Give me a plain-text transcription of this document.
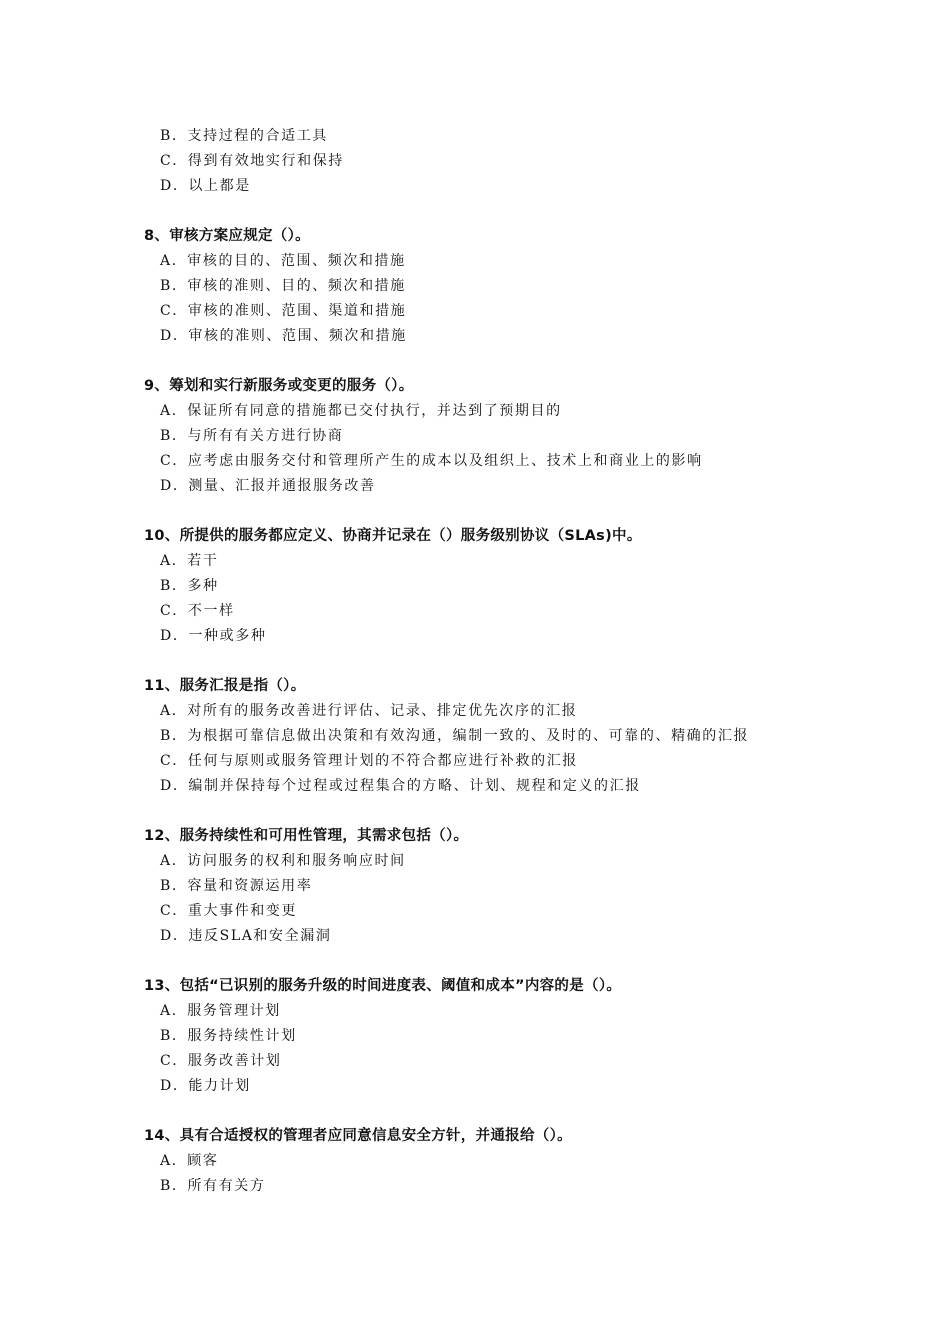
B．支持过程的合适工具
C．得到有效地实行和保持
D．以上都是
8、审核方案应规定（）。
A．审核的目的、范围、频次和措施
B．审核的准则、目的、频次和措施
C．审核的准则、范围、渠道和措施
D．审核的准则、范围、频次和措施
9、筹划和实行新服务或变更的服务（）。
A．保证所有同意的措施都已交付执行，并达到了预期目的
B．与所有有关方进行协商
C．应考虑由服务交付和管理所产生的成本以及组织上、技术上和商业上的影响
D．测量、汇报并通报服务改善
10、所提供的服务都应定义、协商并记录在（）服务级别协议（SLAs)中。
A．若干
B．多种
C．不一样
D．一种或多种
11、服务汇报是指（）。
A．对所有的服务改善进行评估、记录、排定优先次序的汇报
B．为根据可靠信息做出决策和有效沟通，编制一致的、及时的、可靠的、精确的汇报
C．任何与原则或服务管理计划的不符合都应进行补救的汇报
D．编制并保持每个过程或过程集合的方略、计划、规程和定义的汇报
12、服务持续性和可用性管理，其需求包括（）。
A．访问服务的权利和服务响应时间
B．容量和资源运用率
C．重大事件和变更
D．违反SLA和安全漏洞
13、包括“已识别的服务升级的时间进度表、阈值和成本”内容的是（）。
A．服务管理计划
B．服务持续性计划
C．服务改善计划
D．能力计划
14、具有合适授权的管理者应同意信息安全方针，并通报给（）。
A．顾客
B．所有有关方
